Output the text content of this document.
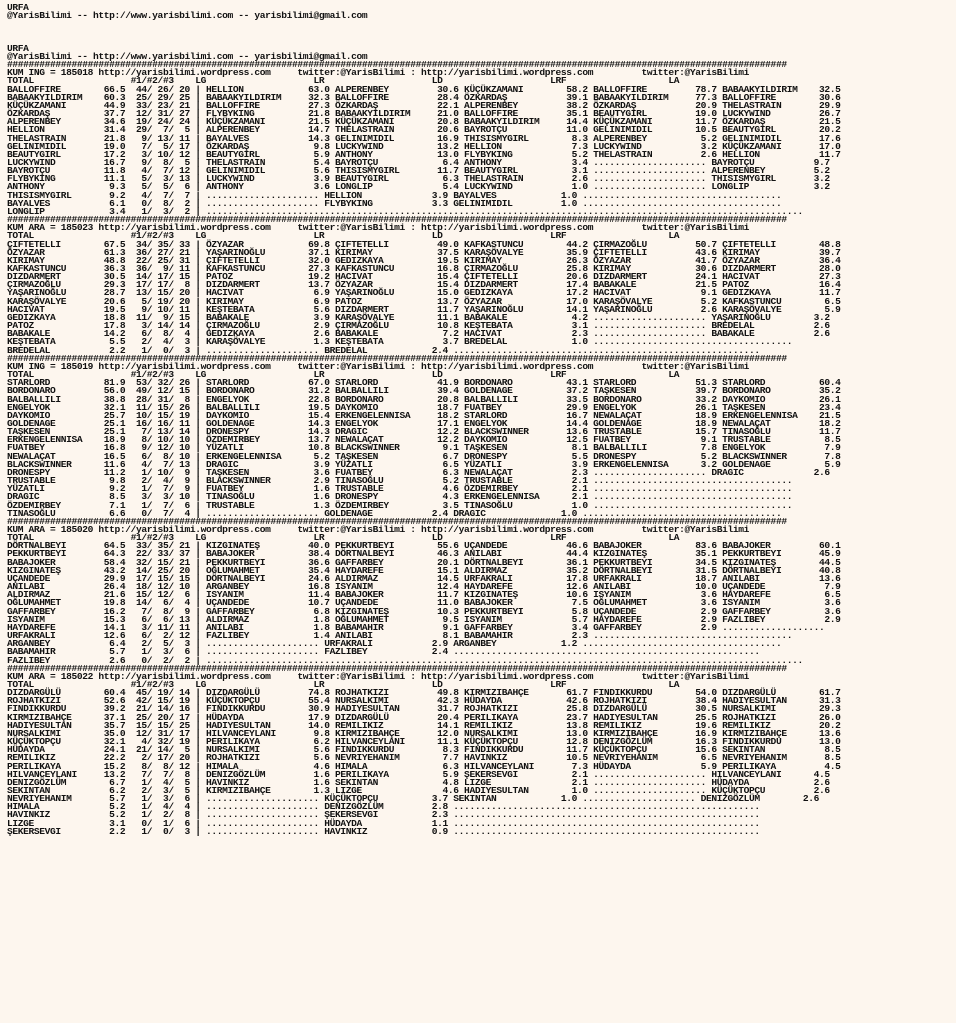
URFA
@YarisBilimi -- http://www.yarisbilimi.com -- yarisbilimi@gmail.com
URFA
@YarisBilimi -- http://www.yarisbilimi.com -- yarisbilimi@gmail.com
#################################################################################################################################################
KUM ING = 185018 http://yarisbilimi.wordpress.com     twitter:@YarisBilimi : http://yarisbilimi.wordpress.com         twitter:@YarisBilimi
TOTAL                  #1/#2/#3    LG                    LR                    LD                    LRF                   LA
BALLOFFIRE        66.5  44/ 26/ 20 | HELLION            63.0 ALPERENBEY         30.6 KÜÇÜKZAMANI        58.2 BALLOFFIRE         78.7 BABAAKYILDIRIM    32.5
BABAAKYILDIRIM    60.3  25/ 29/ 25 | BABAAKYILDIRIM     32.3 BALLOFFIRE         28.4 ÖZKARDAŞ           39.1 BABAAKYILDIRIM     77.3 BALLOFFIRE        30.6
KÜÇÜKZAMANI       44.9  33/ 23/ 21 | BALLOFFIRE         27.3 ÖZKARDAŞ           22.1 ALPERENBEY         38.2 ÖZKARDAŞ           20.9 THELASTRAIN       29.9
ÖZKARDAŞ          37.7  12/ 31/ 27 | FLYBYKING          21.8 BABAAKYILDIRIM     21.0 BALLOFFIRE         35.1 BEAUTYGIRL         19.0 LUCKYWIND         26.7
ALPERENBEY        34.6  19/ 24/ 24 | KÜÇÜKZAMANI        21.5 KÜÇÜKZAMANI        20.8 BABAAKYILDIRIM     14.4 KÜÇÜKZAMANI        11.7 ÖZKARDAŞ          21.5
HELLION           31.4  29/  7/  5 | ALPERENBEY         14.7 THELASTRAIN        20.6 BAYROTÇU           11.0 GELINIMIDIL        10.5 BEAUTYGIRL        20.2
THELASTRAIN       21.8   9/ 13/ 11 | BAYALVES           14.3 GELINIMIDIL        16.9 THISISMYGIRL        8.3 ALPERENBEY          5.2 GELINIMIDIL       17.6
GELINIMIDIL       19.0   7/  5/ 17 | ÖZKARDAŞ            9.8 LUCKYWIND          13.2 HELLION             7.3 LUCKYWIND           3.2 KÜÇÜKZAMANI       17.0
BEAUTYGIRL        17.2   3/ 10/ 12 | BEAUTYGIRL          5.9 ANTHONY            13.0 FLYBYKING           5.2 THELASTRAIN         2.6 HELLION           11.7
LUCKYWIND         16.7   9/  8/  5 | THELASTRAIN         5.4 BAYROTÇU            6.4 ANTHONY             3.4 ..................... BAYROTÇU           9.7
BAYROTÇU          11.8   4/  7/ 12 | GELINIMIDIL         5.6 THISISMYGIRL       11.7 BEAUTYGIRL          3.1 ..................... ALPERENBEY         5.2
FLYBYKING         11.1   5/  3/ 13 | LUCKYWIND           3.9 BEAUTYGIRL          6.3 THELASTRAIN         2.6 ..................... THISISMYGIRL       3.2
ANTHONY            9.3   5/  5/  6 | ANTHONY             3.6 LONGLIP             5.4 LUCKYWIND           1.0 ..................... LONGLIP            3.2
THISISMYGIRL       9.2   4/  7/  7 | ..................... HELLION             3.9 BAYALVES            1.0 .....................................
BAYALVES           6.1   0/  8/  2 | ..................... FLYBYKING           3.3 GELINIMIDIL         1.0 .....................................
LONGLIP            3.4   1/  3/  2 | ...............................................................................................................
#################################################################################################################################################
KUM ARA = 185023 http://yarisbilimi.wordpress.com     twitter:@YarisBilimi : http://yarisbilimi.wordpress.com         twitter:@YarisBilimi
TOTAL                  #1/#2/#3    LG                    LR                    LD                    LRF                   LA
ÇIFTETELLI        67.5  34/ 35/ 33 | ÖZYAZAR            69.8 ÇIFTETELLI         49.0 KAFKASTUNCU        44.2 ÇIRMAZOĞLU         50.7 ÇIFTETELLI        48.8
ÖZYAZAR           61.3  36/ 27/ 21 | YAŞARINOĞLU        37.1 KIRIMAY            37.5 KARAŞÖVALYE        35.9 ÇIFTETELLI         43.6 KIRIMAY           39.7
KIRIMAY           48.8  22/ 25/ 31 | ÇIFTETELLI         32.0 GEDIZKAYA          19.5 KIRIMAY            26.3 ÖZYAZAR            41.7 ÖZYAZAR           36.4
KAFKASTUNCU       36.3  36/  9/ 11 | KAFKASTUNCU        27.3 KAFKASTUNCU        16.8 ÇIRMAZOĞLU         25.8 KIRIMAY            30.6 DIZDARMERT        28.0
DIZDARMERT        30.5  14/ 17/ 15 | PATOZ              19.2 HACIVAT            15.4 ÇIFTETELLI         20.6 DIZDARMERT         24.1 HACIVAT           27.3
ÇIRMAZOĞLU        29.3  17/ 17/  8 | DIZDARMERT         13.7 ÖZYAZAR            15.4 DIZDARMERT         17.4 BABAKALE           21.5 PATOZ             16.4
YAŞARINOĞLU       28.7  13/ 15/ 20 | HACIVAT             6.9 YAŞARINOĞLU        15.0 GEDIZKAYA          17.2 HACIVAT             9.1 GEDIZKAYA         11.7
KARAŞÖVALYE       20.6   5/ 19/ 20 | KIRIMAY             6.9 PATOZ              13.7 ÖZYAZAR            17.0 KARAŞÖVALYE         5.2 KAFKASTUNCU        6.5
HACIVAT           19.5   9/ 10/ 11 | KEŞTEBATA           5.6 DIZDARMERT         11.7 YAŞARINOĞLU        14.1 YAŞARINOĞLU         2.6 KARAŞÖVALYE        5.9
GEDIZKAYA         18.8  11/  9/ 15 | BABAKALE            3.9 KARAŞÖVALYE        11.1 BABAKALE            4.2 ..................... YAŞARINOĞLU        3.2
PATOZ             17.8   3/ 14/ 14 | ÇIRMAZOĞLU          2.9 ÇIRMAZOĞLU         10.8 KEŞTEBATA           3.1 ..................... BREDELAL           2.6
BABAKALE          14.2   6/  8/  4 | GEDIZKAYA           2.6 BABAKALE            7.2 HACIVAT             2.3 ..................... BABAKALE           2.6
KEŞTEBATA          5.5   2/  4/  3 | KARAŞÖVALYE         1.3 KEŞTEBATA           3.7 BREDELAL            1.0 .....................................
BREDELAL           2.2   1/  0/  3 | ..................... BREDELAL            2.4 .........................................................
#################################################################################################################################################
KUM ING = 185019 http://yarisbilimi.wordpress.com     twitter:@YarisBilimi : http://yarisbilimi.wordpress.com         twitter:@YarisBilimi
TOTAL                  #1/#2/#3    LG                    LR                    LD                    LRF                   LA
STARLORD          81.9  53/ 32/ 26 | STARLORD           67.0 STARLORD           41.9 BORDONARO          43.1 STARLORD           51.3 STARLORD          60.4
BORDONARO         56.0  49/ 12/ 15 | BORDONARO          31.2 BALBALLILI         39.4 GOLDENAGE          37.2 TAŞKESEN           39.7 BORDONARO         35.2
BALBALLILI        38.8  28/ 31/  8 | ENGELYOK           22.8 BORDONARO          20.8 BALBALLILI         33.5 BORDONARO          33.2 DAYKOMIO          26.1
ENGELYOK          32.1  11/ 15/ 26 | BALBALLILI         19.5 DAYKOMIO           18.7 FUATBEY            29.9 ENGELYOK           26.1 TAŞKESEN          23.4
DAYKOMIO          25.7  10/ 15/ 19 | DAYKOMIO           15.4 ERKENGELENNISA     18.2 STARLORD           16.7 NEWALAÇAT          18.9 ERKENGELENNISA    21.5
GOLDENAGE         25.1  16/ 16/ 11 | GOLDENAGE          14.3 ENGELYOK           17.1 ENGELYOK           14.4 GOLDENAGE          18.9 NEWALAÇAT         18.2
TAŞKESEN          25.1   7/ 13/ 14 | DRONESPY           14.3 DRAGIC             12.2 BLACKSWINNER       13.6 TRUSTABLE          15.7 TINASOĞLU         11.7
ERKENGELENNISA    18.9   8/ 10/ 10 | ÖZDEMIRBEY         13.7 NEWALAÇAT          12.2 DAYKOMIO           12.5 FUATBEY             9.1 TRUSTABLE          8.5
FUATBEY           16.8   9/ 12/ 10 | YÜZATLI            10.8 BLACKSWINNER        9.1 TAŞKESEN            8.1 BALBALLILI          7.8 ENGELYOK           7.9
NEWALAÇAT         16.5   6/  8/ 10 | ERKENGELENNISA      5.2 TAŞKESEN            6.7 DRONESPY            5.5 DRONESPY            5.2 BLACKSWINNER       7.8
BLACKSWINNER      11.6   4/  7/ 13 | DRAGIC              3.9 YÜZATLI             6.5 YÜZATLI             3.9 ERKENGELENNISA      3.2 GOLDENAGE          5.9
DRONESPY          11.2   1/ 10/  9 | TAŞKESEN            3.6 FUATBEY             6.3 NEWALAÇAT           2.3 ..................... DRAGIC             2.6
TRUSTABLE          9.8   2/  4/  9 | BLACKSWINNER        2.9 TINASOĞLU           5.2 TRUSTABLE           2.1 .....................................
YÜZATLI            9.2   1/  7/  9 | FUATBEY             1.6 TRUSTABLE           4.6 ÖZDEMIRBEY          2.1 .....................................
DRAGIC             8.5   3/  3/ 10 | TINASOĞLU           1.6 DRONESPY            4.3 ERKENGELENNISA      2.1 .....................................
ÖZDEMIRBEY         7.1   1/  7/  6 | TRUSTABLE           1.3 ÖZDEMIRBEY          3.5 TINASOĞLU           1.0 .....................................
TINASOĞLU          6.6   0/  7/  4 | ..................... GOLDENAGE           2.4 DRAGIC              1.0 .....................................
#################################################################################################################################################
KUM ARA = 185020 http://yarisbilimi.wordpress.com     twitter:@YarisBilimi : http://yarisbilimi.wordpress.com         twitter:@YarisBilimi
TOTAL                  #1/#2/#3    LG                    LR                    LD                    LRF                   LA
DÖRTNALBEYI       64.5  33/ 35/ 21 | KIZGINATEŞ         40.0 PEKKURTBEYI        55.6 UÇANDEDE           46.6 BABAJOKER          83.6 BABAJOKER         60.1
PEKKURTBEYI       64.3  22/ 33/ 37 | BABAJOKER          38.4 DÖRTNALBEYI        46.3 ANILABI            44.4 KIZGINATEŞ         35.1 PEKKURTBEYI       45.9
BABAJOKER         58.4  32/ 15/ 21 | PEKKURTBEYI        36.6 GAFFARBEY          20.1 DÖRTNALBEYI        36.1 PEKKURTBEYI        34.5 KIZGINATEŞ        44.5
KIZGINATEŞ        43.2  14/ 25/ 20 | OĞLUMAHMET         35.4 HAYDAREFE          15.1 ALDIRMAZ           35.2 DÖRTNALBEYI        31.5 DÖRTNALBEYI       40.8
UÇANDEDE          29.9  17/ 15/ 15 | DÖRTNALBEYI        24.6 ALDIRMAZ           14.5 URFAKRALI          17.8 URFAKRALI          18.7 ANILABI           13.6
ANILABI           26.4  18/ 12/ 10 | ARGANBEY           16.8 ISYANIM            12.4 HAYDAREFE          12.6 ANILABI            10.0 UÇANDEDE           7.9
ALDIRMAZ          21.6  15/ 12/  6 | ISYANIM            11.4 BABAJOKER          11.7 KIZGINATEŞ         10.6 ISYANIM             3.6 HAYDAREFE          6.5
OĞLUMAHMET        19.8  14/  6/  4 | UÇANDEDE           10.7 UÇANDEDE           11.0 BABAJOKER           7.5 OĞLUMAHMET          3.6 ISYANIM            3.6
GAFFARBEY         16.2   7/  8/  9 | GAFFARBEY           6.8 KIZGINATEŞ         10.3 PEKKURTBEYI         5.8 UÇANDEDE            2.9 GAFFARBEY          3.6
ISYANIM           15.3   6/  6/ 13 | ALDIRMAZ            1.8 OĞLUMAHMET          9.5 ISYANIM             5.7 HAYDAREFE           2.9 FAZLIBEY           2.9
HAYDAREFE         14.1   3/ 11/ 11 | ANILABI             1.8 BABAMAHIR           9.1 GAFFARBEY           3.4 GAFFARBEY           2.9 ...................
URFAKRALI         12.6   6/  2/ 12 | FAZLIBEY            1.4 ANILABI             8.1 BABAMAHIR           2.3 .....................................
ARGANBEY           6.4   2/  5/  3 | ..................... URFAKRALI           2.9 ARGANBEY            1.2 .....................................
BABAMAHIR          5.7   1/  3/  6 | ..................... FAZLIBEY            2.4 .........................................................
FAZLIBEY           2.6   0/  2/  2 | ...............................................................................................................
#################################################################################################################################################
KUM ARA = 185022 http://yarisbilimi.wordpress.com     twitter:@YarisBilimi : http://yarisbilimi.wordpress.com         twitter:@YarisBilimi
TOTAL                  #1/#2/#3    LG                    LR                    LD                    LRF                   LA
DIZDARGÜLÜ        60.4  45/ 19/ 14 | DIZDARGÜLÜ         74.8 ROJHATKIZI         49.8 KIRMIZIBAHÇE       61.7 FINDIKKURDU        54.0 DIZDARGÜLÜ        61.7
ROJHATKIZI        52.6  42/ 15/ 19 | KÜÇÜKTOPÇU         55.4 NURSALKIMI         42.3 HÜDAYDA            42.6 ROJHATKIZI         38.4 HADIYESULTAN      31.3
FINDIKKURDU       39.2  21/ 14/ 16 | FINDIKKURDU        30.9 HADIYESULTAN       31.7 ROJHATKIZI         25.8 DIZDARGÜLÜ         30.5 NURSALKIMI        29.3
KIRMIZIBAHÇE      37.1  25/ 20/ 17 | HÜDAYDA            17.9 DIZDARGÜLÜ         20.4 PERILIKAYA         23.7 HADIYESULTAN       25.5 ROJHATKIZI        26.0
HADIYESULTAN      35.7  15/ 15/ 25 | HADIYESULTAN       14.0 REMILIKIZ          14.1 REMILIKIZ          13.8 REMILIKIZ          19.6 REMILIKIZ         20.2
NURSALKIMI        35.0  12/ 31/ 17 | HILVANCEYLANI       9.8 KIRMIZIBAHÇE       12.0 NURSALKIMI         13.0 KIRMIZIBAHÇE       16.9 KIRMIZIBAHÇE      13.6
KÜÇÜKTOPÇU        32.1   4/ 32/ 19 | PERILIKAYA          6.2 HILVANCEYLANI      11.1 KÜÇÜKTOPÇU         12.8 DENIZGÖZLÜM        16.3 FINDIKKURDU       13.0
HÜDAYDA           24.1  21/ 14/  5 | NURSALKIMI          5.6 FINDIKKURDU         8.3 FINDIKKURDU        11.7 KÜÇÜKTOPÇU         15.6 SEKINTAN           8.5
REMILIKIZ         22.2   2/ 17/ 20 | ROJHATKIZI          5.6 NEVRIYEHANIM        7.7 HAVINKIZ           10.5 NEVRIYEHANIM        6.5 NEVRIYEHANIM       8.5
PERILIKAYA        15.2   8/  8/ 12 | HIMALA              4.6 HIMALA              6.3 HILVANCEYLANI       7.3 HÜDAYDA             5.9 PERILIKAYA         4.5
HILVANCEYLANI     13.2   7/  7/  8 | DENIZGÖZLÜM         1.6 PERILIKAYA          5.9 ŞEKERSEVGI          2.1 ..................... HILVANCEYLANI      4.5
DENIZGÖZLÜM        6.7   1/  4/  5 | HAVINKIZ            1.6 SEKINTAN            4.8 LIZGE               2.1 ..................... HÜDAYDA            2.6
SEKINTAN           6.2   2/  3/  5 | KIRMIZIBAHÇE        1.3 LIZGE               4.6 HADIYESULTAN        1.0 ..................... KÜÇÜKTOPÇU         2.6
NEVRIYEHANIM       5.7   1/  3/  6 | ..................... KÜÇÜKTOPÇU          3.7 SEKINTAN            1.0 ..................... DENIZGÖZLÜM        2.6
HIMALA             5.2   1/  4/  4 | ..................... DENIZGÖZLÜM         2.8 .........................................................
HAVINKIZ           5.2   1/  2/  8 | ..................... ŞEKERSEVGI          2.3 .........................................................
LIZGE              3.1   0/  1/  6 | ..................... HÜDAYDA             1.1 .........................................................
ŞEKERSEVGI         2.2   1/  0/  3 | ..................... HAVINKIZ            0.9 .........................................................
